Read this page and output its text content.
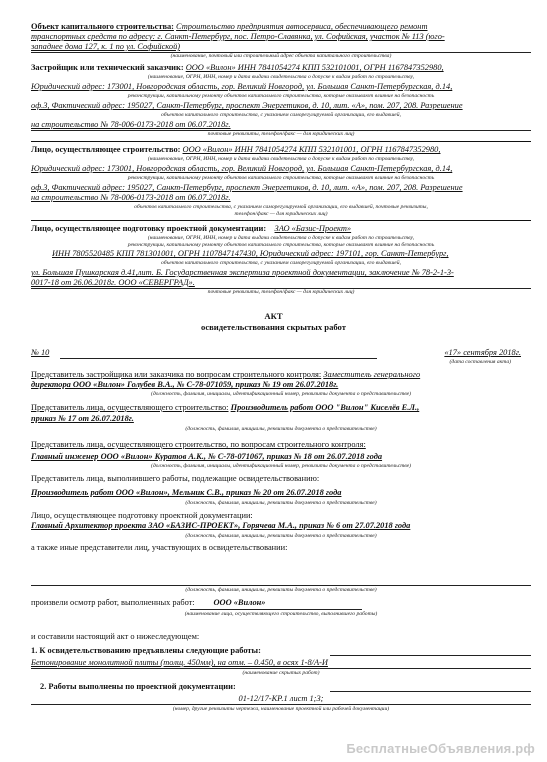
Объект капитального строительства: Строительство предприятия автосервиса, обеспечивающего ремонт
транспортных средств по адресу: г. Санкт-Петербург, пос. Петро-Славянка, ул. Софийская, участок № 113 (юго-
западнее дома 127, к. 1 по ул. Софийской)
(наименование, почтовый или строительный адрес объекта капитального строительства)
Застройщик или технический заказчик: ООО «Вилон» ИНН 7841054274 КПП 532101001, ОГРН 1167847352980,
(наименование, ОГРН, ИНН, номер и дата выдачи свидетельства о допуске к видам работ по строительству,
Юридический адрес: 173001, Новгородская область, гор. Великий Новгород, ул. Большая Санкт-Петербургская, д.14,
реконструкции, капитальному ремонту объектов капитального строительства, которые оказывают влияние на безопасность
оф.3, Фактический адрес: 195027, Санкт-Петербург, проспект Энергетиков, д. 10, лит. «А», пом. 207, 208. Разрешение
объектов капитального строительства, с указанием саморегулируемой организации, его выдавшей,
на строительство № 78-006-0173-2018 от 06.07.2018г.
почтовые реквизиты, телефон/факс — для юридических лиц)
Лицо, осуществляющее строительство: ООО «Вилон» ИНН 7841054274 КПП 532101001, ОГРН 1167847352980,
(наименование, ОГРН, ИНН, номер и дата выдачи свидетельства о допуске к видам работ по строительству,
Юридический адрес: 173001, Новгородская область, гор. Великий Новгород, ул. Большая Санкт-Петербургская, д.14,
реконструкции, капитальному ремонту объектов капитального строительства, которые оказывают влияние на безопасность
оф.3, Фактический адрес: 195027, Санкт-Петербург, проспект Энергетиков, д. 10, лит. «А», пом. 207, 208. Разрешение
на строительство № 78-006-0173-2018 от 06.07.2018г.
объектов капитального строительства, с указанием саморегулируемой организации, его выдавшей, почтовые реквизиты,
телефон/факс — для юридических лиц)
Лицо, осуществляющее подготовку проектной документации: ЗАО «Базис-Проект»
(наименование, ОГРН, ИНН, номер и дата выдачи свидетельства о допуске к видам работ по строительству,
реконструкции, капитальному ремонту объектов капитального строительства, которые оказывают влияние на безопасность
ИНН 7805520485 КПП 781301001, ОГРН 1107847147430, Юридический адрес: 197101, гор. Санкт-Петербург,
объектов капитального строительства, с указанием саморегулируемой организации, его выдавшей,
ул. Большая Пушкарская д.41,лит. Б. Государственная экспертиза проектной документации, заключение № 78-2-1-3-
0017-18 от 26.06.2018г. ООО «СЕВЕРГРАД».
почтовые реквизиты, телефон/факс — для юридических лиц)
АКТ
освидетельствования скрытых работ
№ 10	«17» сентября 2018г.
(дата составления акта)
Представитель застройщика или заказчика по вопросам строительного контроля: Заместитель генерального
директора ООО «Вилон» Голубев В.А., № С-78-071059, приказ № 19 от 26.07.2018г.
(должность, фамилия, инициалы, идентификационный номер, реквизиты документа о представительстве)
Представитель лица, осуществляющего строительство: Производитель работ ООО "Вилон" Киселёв Е.Л.,
приказ № 17 от 26.07.2018г.
(должность, фамилия, инициалы, реквизиты документа о представительстве)
Представитель лица, осуществляющего строительство, по вопросам строительного контроля:
Главный инженер ООО «Вилон» Куратов А.К., № С-78-071067, приказ № 18 от 26.07.2018 года
(должность, фамилия, инициалы, идентификационный номер, реквизиты документа о представительстве)
Представитель лица, выполнившего работы, подлежащие освидетельствованию:
Производитель работ ООО «Вилон», Мельник С.В., приказ № 20 от 26.07.2018 года
(должность, фамилия, инициалы, реквизиты документа о представительстве)
Лицо, осуществляющее подготовку проектной документации:
Главный Архитектор проекта ЗАО «БАЗИС-ПРОЕКТ», Горячева М.А., приказ № 6 от 27.07.2018 года
(должность, фамилия, инициалы, реквизиты документа о представительстве)
а также иные представители лиц, участвующих в освидетельствовании:
(должность, фамилия, инициалы, реквизиты документа о представительстве)
произвели осмотр работ, выполненных работ: ООО «Вилон»
(наименование лица, осуществляющего строительство, выполнившего работы)
и составили настоящий акт о нижеследующем:
1. К освидетельствованию предъявлены следующие работы:
Бетонирование монолитной плиты (толщ. 450мм), на отм. – 0.450, в осях 1-8/А-И
(наименование скрытых работ)
2. Работы выполнены по проектной документации:
01-12/17-КР.1 лист 1;3;
(номер, другие реквизиты чертежа, наименование проектной или рабочей документации)
БесплатныеОбъявления.рф
